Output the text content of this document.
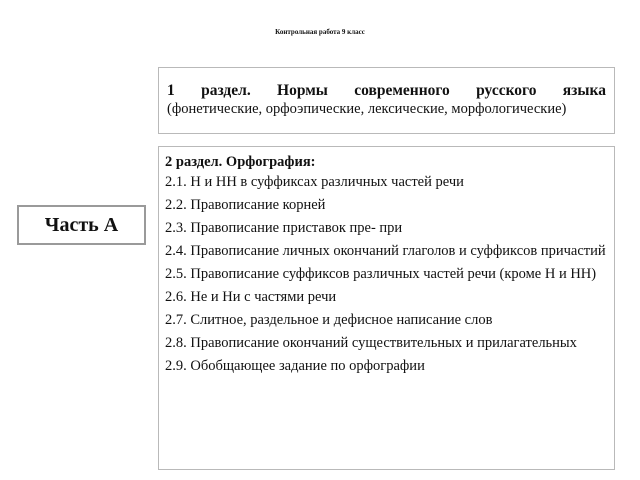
Контрольная работа 9 класс
1 раздел. Нормы современного русского языка
(фонетические, орфоэпические, лексические, морфологические)
2 раздел. Орфография:
2.1. Н и НН в суффиксах различных частей речи
2.2. Правописание корней
2.3. Правописание приставок пре- при
2.4. Правописание личных окончаний глаголов и суффиксов причастий
2.5. Правописание суффиксов различных частей речи (кроме Н и НН)
2.6. Не и Ни с частями речи
2.7. Слитное, раздельное и дефисное написание слов
2.8. Правописание окончаний существительных и прилагательных
2.9. Обобщающее задание по орфографии
Часть А
